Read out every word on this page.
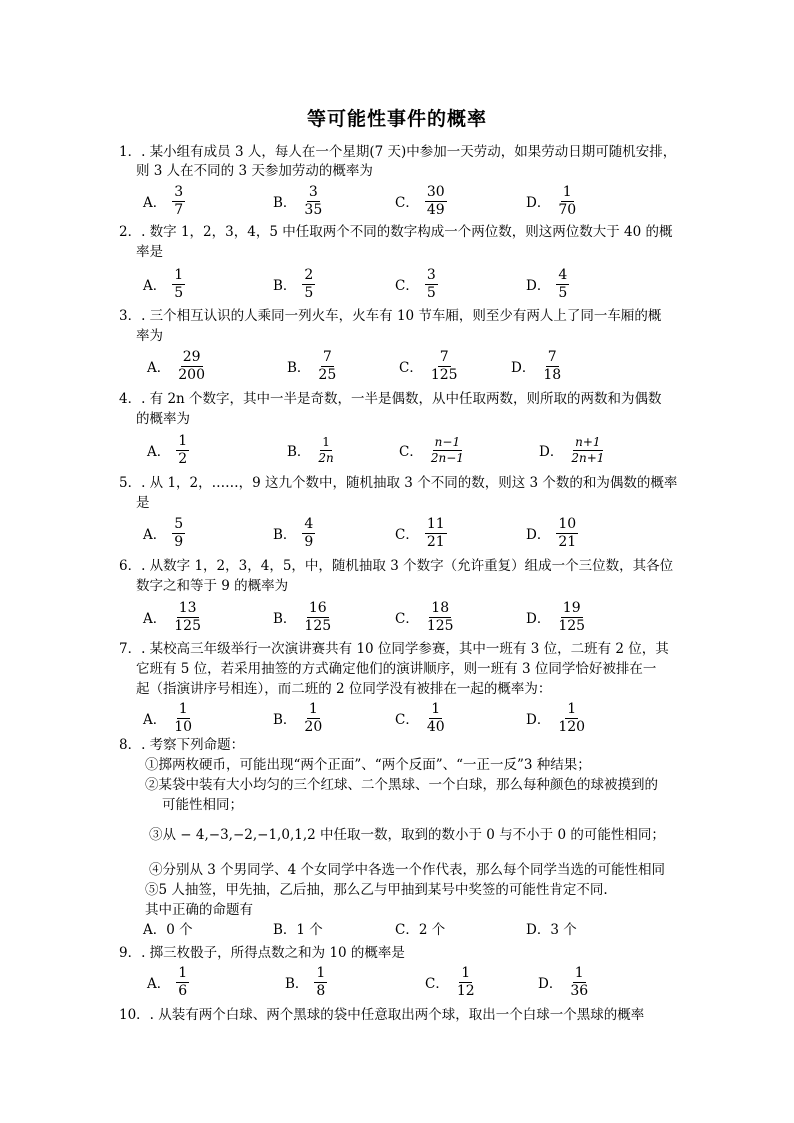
等可能性事件的概率
1．. 某小组有成员 3 人，每人在一个星期(7 天)中参加一天劳动，如果劳动日期可随机安排，
则 3 人在不同的 3 天参加劳动的概率为
A． $\frac{3}{7}$	B． $\frac{3}{35}$	C． $\frac{30}{49}$	D． $\frac{1}{70}$
2．. 数字 1，2，3，4，5 中任取两个不同的数字构成一个两位数，则这两位数大于 40 的概
率是
A． $\frac{1}{5}$	B． $\frac{2}{5}$	C． $\frac{3}{5}$	D． $\frac{4}{5}$
3．. 三个相互认识的人乘同一列火车，火车有 10 节车厢，则至少有两人上了同一车厢的概
率为
A． $\frac{29}{200}$	B． $\frac{7}{25}$	C． $\frac{7}{125}$	D． $\frac{7}{18}$
4．. 有 2n 个数字，其中一半是奇数，一半是偶数，从中任取两数，则所取的两数和为偶数
的概率为
A． $\frac{1}{2}$	B． $\frac{1}{2n}$	C． $\frac{n-1}{2n-1}$	D． $\frac{n+1}{2n+1}$
5．. 从 1，2，……，9 这九个数中，随机抽取 3 个不同的数，则这 3 个数的和为偶数的概率
是
A． $\frac{5}{9}$	B． $\frac{4}{9}$	C． $\frac{11}{21}$	D． $\frac{10}{21}$
6．. 从数字 1，2，3，4，5，中，随机抽取 3 个数字（允许重复）组成一个三位数，其各位
数字之和等于 9 的概率为
A． $\frac{13}{125}$	B． $\frac{16}{125}$	C． $\frac{18}{125}$	D． $\frac{19}{125}$
7．. 某校高三年级举行一次演讲赛共有 10 位同学参赛，其中一班有 3 位，二班有 2 位，其
它班有 5 位，若采用抽签的方式确定他们的演讲顺序，则一班有 3 位同学恰好被排在一
起（指演讲序号相连），而二班的 2 位同学没有被排在一起的概率为：
A． $\frac{1}{10}$	B． $\frac{1}{20}$	C． $\frac{1}{40}$	D． $\frac{1}{120}$
8．. 考察下列命题：
①掷两枚硬币，可能出现“两个正面”、“两个反面”、“一正一反”3 种结果；
②某袋中装有大小均匀的三个红球、二个黑球、一个白球，那么每种颜色的球被摸到的
可能性相同；
③从 − 4,−3,−2,−1,0,1,2 中任取一数，取到的数小于 0 与不小于 0 的可能性相同；
④分别从 3 个男同学、4 个女同学中各选一个作代表，那么每个同学当选的可能性相同
⑤5 人抽签，甲先抽，乙后抽，那么乙与甲抽到某号中奖签的可能性肯定不同.
其中正确的命题有
A．0 个	B．1 个	C．2 个	D．3 个
9．. 掷三枚骰子，所得点数之和为 10 的概率是
A． $\frac{1}{6}$	B． $\frac{1}{8}$	C． $\frac{1}{12}$	D． $\frac{1}{36}$
10．. 从装有两个白球、两个黑球的袋中任意取出两个球，取出一个白球一个黑球的概率
